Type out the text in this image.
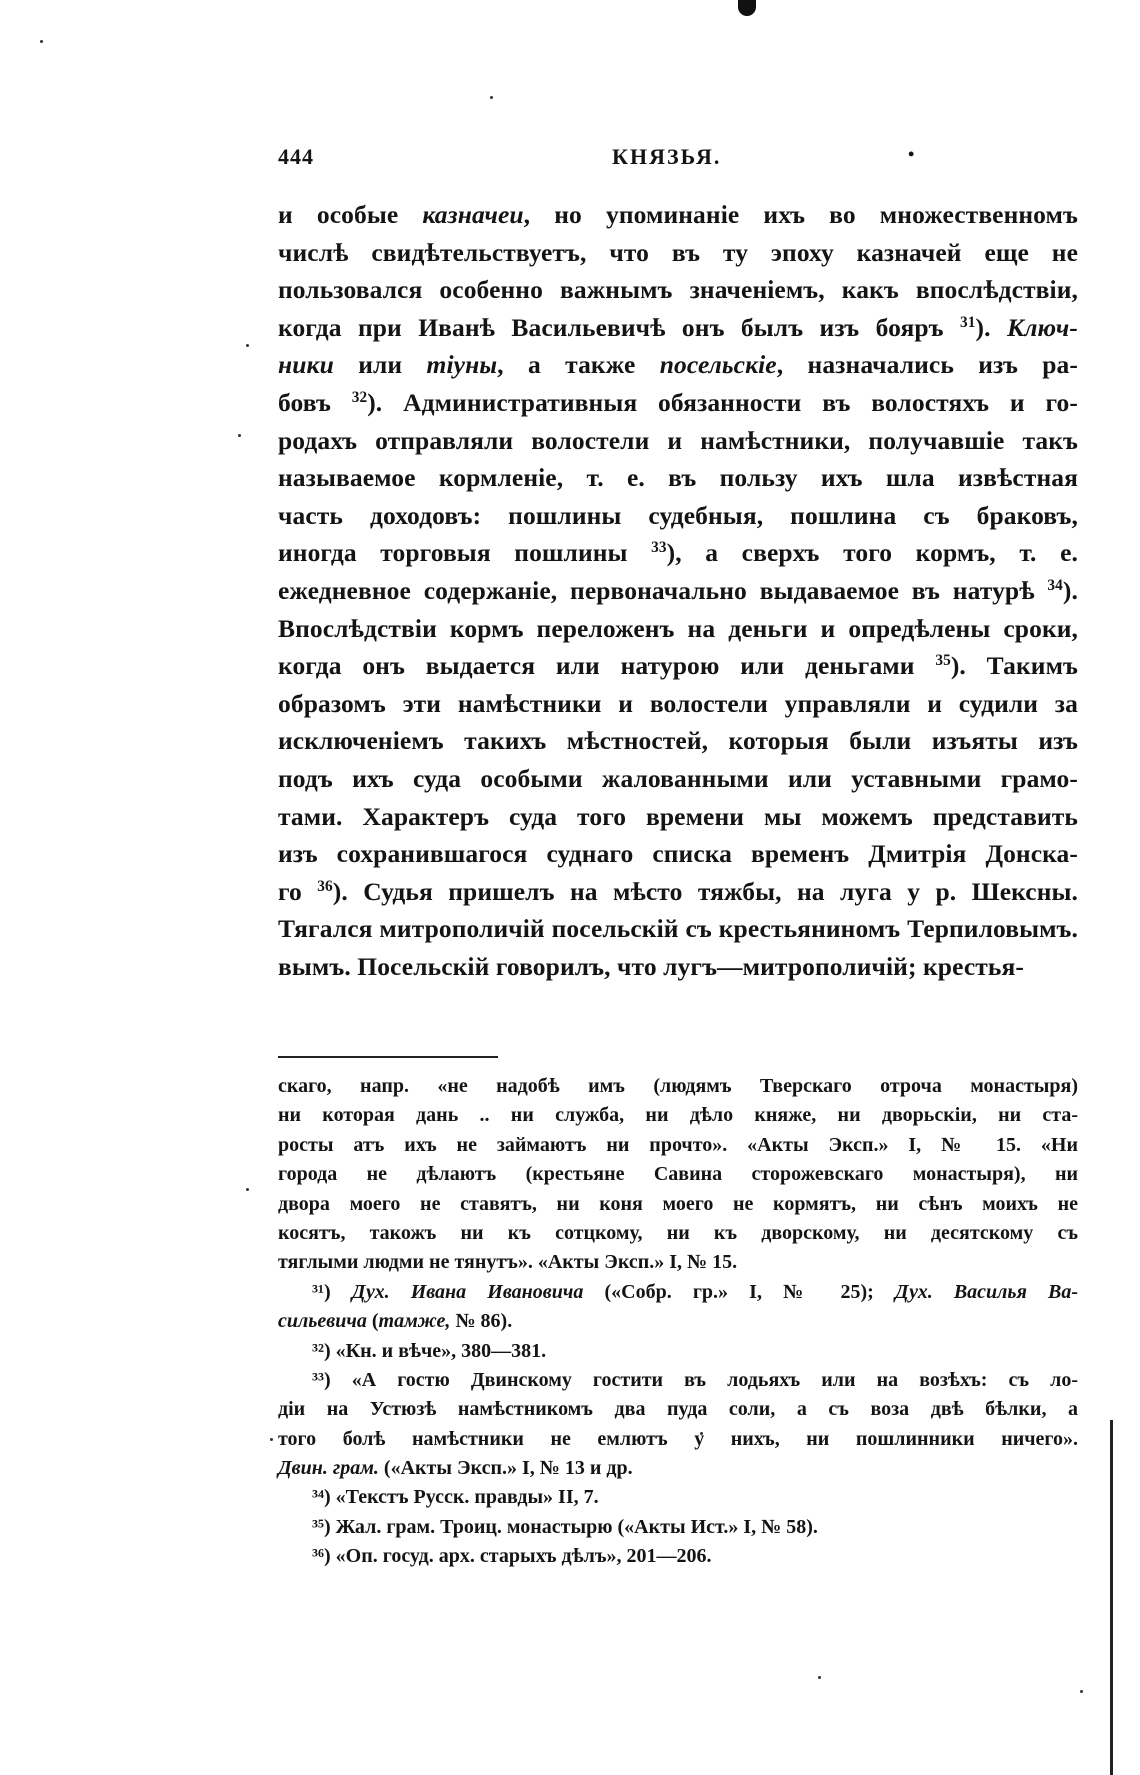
444	КНЯЗЬЯ.	•
и особые казначеи, но упоминаніе ихъ во множественномъ
числѣ свидѣтельствуетъ, что въ ту эпоху казначей еще не
пользовался особенно важнымъ значеніемъ, какъ впослѣдствіи,
когда при Иванѣ Васильевичѣ онъ былъ изъ бояръ $^{31}$). Ключ-
ники или тіуны, а также посельскіе, назначались изъ ра-
бовъ $^{32}$). Административныя обязанности въ волостяхъ и го-
родахъ отправляли волостели и намѣстники, получавшіе такъ
называемое кормленіе, т. е. въ пользу ихъ шла извѣстная
часть доходовъ: пошлины судебныя, пошлина съ браковъ,
иногда торговыя пошлины $^{33}$), а сверхъ того кормъ, т. е.
ежедневное содержаніе, первоначально выдаваемое въ натурѣ $^{34}$).
Впослѣдствіи кормъ переложенъ на деньги и опредѣлены сроки,
когда онъ выдается или натурою или деньгами $^{35}$). Такимъ
образомъ эти намѣстники и волостели управляли и судили за
исключеніемъ такихъ мѣстностей, которыя были изъяты изъ
подъ ихъ суда особыми жалованными или уставными грамо-
тами. Характеръ суда того времени мы можемъ представить
изъ сохранившагося суднаго списка временъ Дмитрія Донска-
го $^{36}$). Судья пришелъ на мѣсто тяжбы, на луга у р. Шексны.
Тягался митрополичій посельскій съ крестьяниномъ Терпиловымъ.
вымъ. Посельскій говорилъ, что лугъ—митрополичій; крестья-
скаго, напр. «не надобѣ имъ (людямъ Тверскаго отроча монастыря)
ни которая дань .. ни служба, ни дѣло княже, ни дворьскіи, ни ста-
росты атъ ихъ не займаютъ ни прочто». «Акты Эксп.» I, № 15. «Ни
города не дѣлаютъ (крестьяне Савина сторожевскаго монастыря), ни
двора моего не ставятъ, ни коня моего не кормятъ, ни сѣнъ моихъ не
косятъ, такожъ ни къ сотцкому, ни къ дворскому, ни десятскому съ
тяглыми людми не тянутъ». «Акты Эксп.» I, № 15.
³¹) Дух. Ивана Ивановича («Собр. гр.» I, № 25); Дух. Василья Ва-
сильевича (тамже, № 86).
³²) «Кн. и вѣче», 380—381.
³³) «А гостю Двинскому гостити въ лодьяхъ или на возѣхъ: съ ло-
діи на Устюзѣ намѣстникомъ два пуда соли, а съ воза двѣ бѣлки, а
того болѣ намѣстники не емлютъ у нихъ, ни пошлинники ничего».
Двин. грам. («Акты Эксп.» I, № 13 и др.
³⁴) «Текстъ Русск. правды» II, 7.
³⁵) Жал. грам. Троиц. монастырю («Акты Ист.» I, № 58).
³⁶) «Оп. госуд. арх. старыхъ дѣлъ», 201—206.
